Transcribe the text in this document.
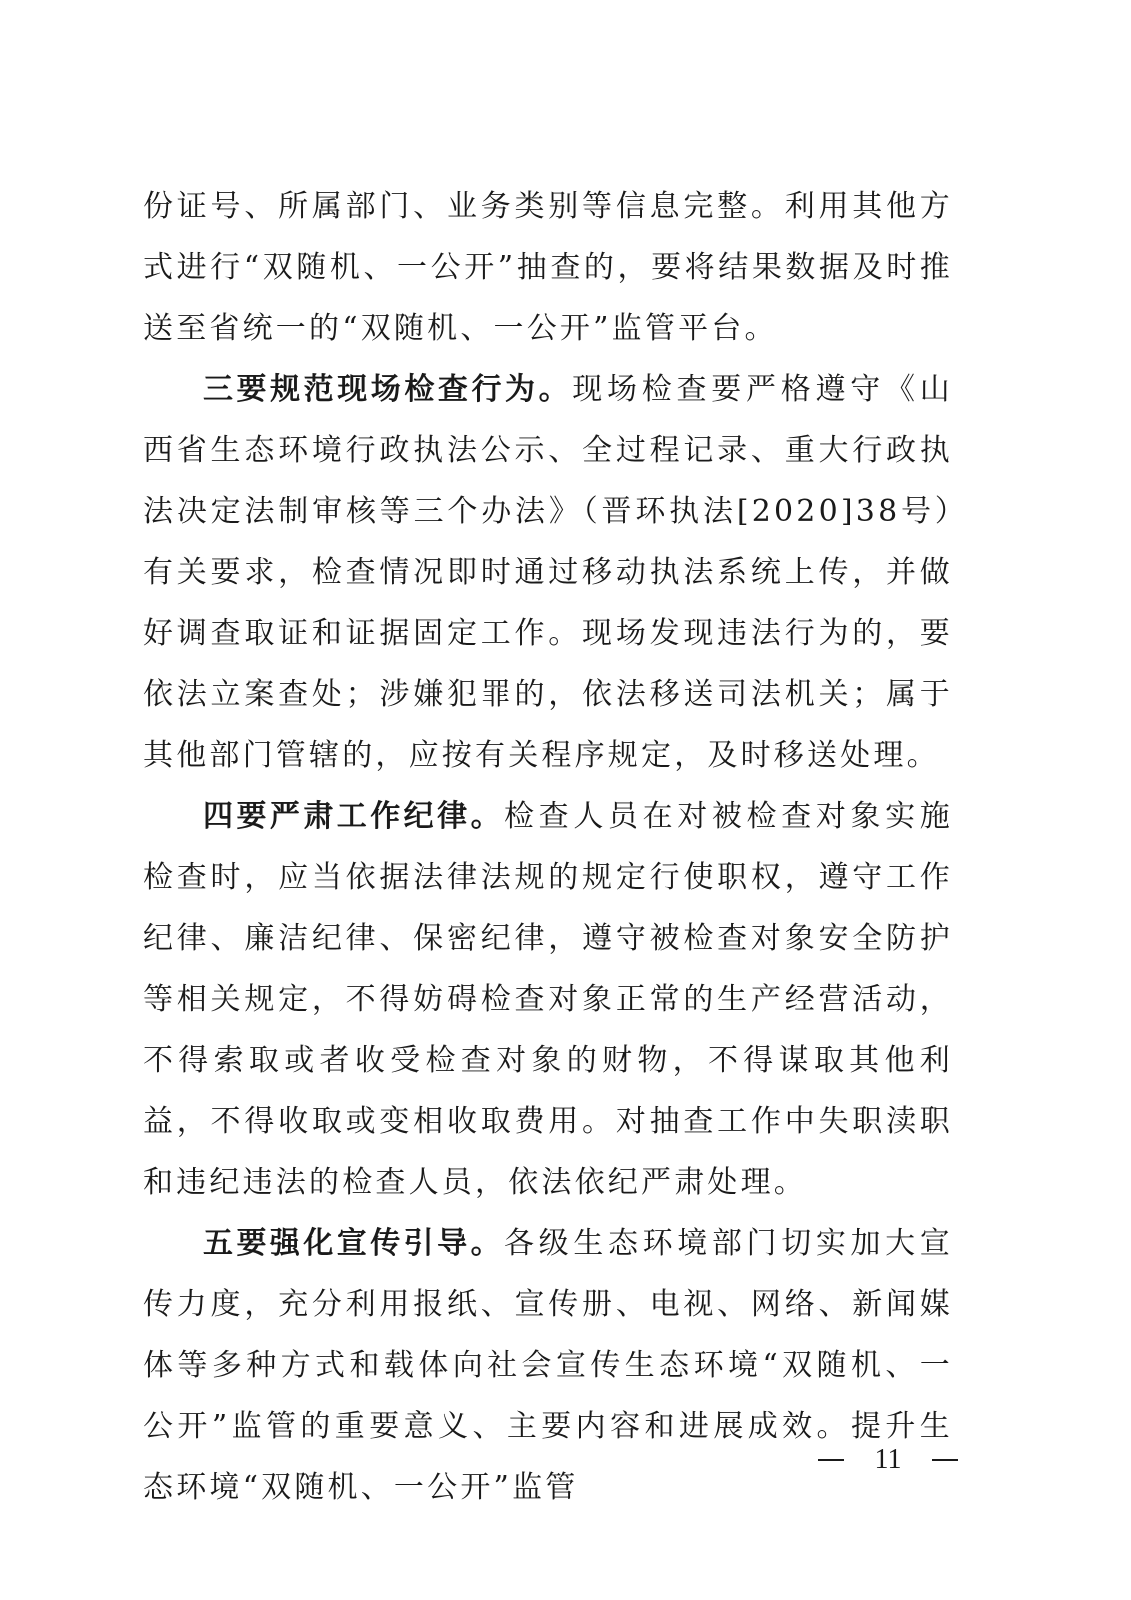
份证号、所属部门、业务类别等信息完整。利用其他方式进行“双随机、一公开”抽查的，要将结果数据及时推送至省统一的“双随机、一公开”监管平台。

三要规范现场检查行为。现场检查要严格遵守《山西省生态环境行政执法公示、全过程记录、重大行政执法决定法制审核等三个办法》（晋环执法[2020]38号）有关要求，检查情况即时通过移动执法系统上传，并做好调查取证和证据固定工作。现场发现违法行为的，要依法立案查处；涉嫌犯罪的，依法移送司法机关；属于其他部门管辖的，应按有关程序规定，及时移送处理。

四要严肃工作纪律。检查人员在对被检查对象实施检查时，应当依据法律法规的规定行使职权，遵守工作纪律、廉洁纪律、保密纪律，遵守被检查对象安全防护等相关规定，不得妨碍检查对象正常的生产经营活动，不得索取或者收受检查对象的财物，不得谋取其他利益，不得收取或变相收取费用。对抽查工作中失职渎职和违纪违法的检查人员，依法依纪严肃处理。

五要强化宣传引导。各级生态环境部门切实加大宣传力度，充分利用报纸、宣传册、电视、网络、新闻媒体等多种方式和载体向社会宣传生态环境“双随机、一公开”监管的重要意义、主要内容和进展成效。提升生态环境“双随机、一公开”监管

11
